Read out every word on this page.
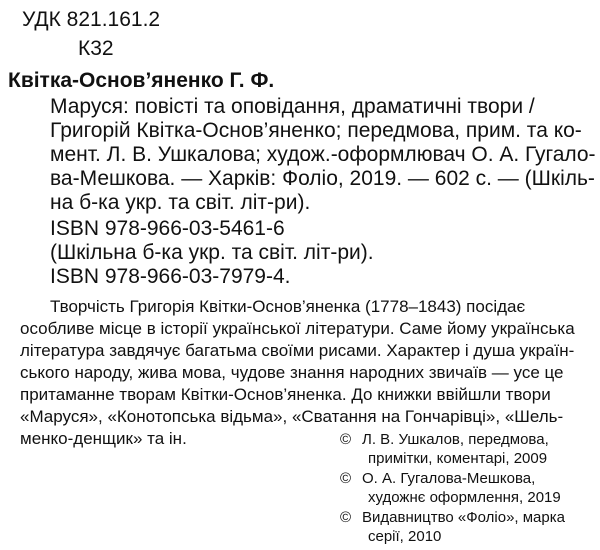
УДК 821.161.2

К32

Квітка-Основ’яненко Г. Ф.

Маруся: повісті та оповідання, драматичні твори /

Григорій Квітка-Основ’яненко; передмова, прим. та ко-

мент. Л. В. Ушкалова; худож.-оформлювач О. А. Гугало-

ва-Мешкова. — Харків: Фоліо, 2019. — 602 с. — (Шкіль-

на б-ка укр. та світ. літ-ри).

ISBN 978-966-03-5461-6

(Шкільна б-ка укр. та світ. літ-ри).

ISBN 978-966-03-7979-4.

Творчість Григорія Квітки-Основ’яненка (1778–1843) посідає

особливе місце в історії української літератури. Саме йому українська

література завдячує багатьма своїми рисами. Характер і душа україн-

ського народу, жива мова, чудове знання народних звичаїв — усе це

притаманне творам Квітки-Основ’яненка. До книжки ввійшли твори

«Маруся», «Конотопська відьма», «Сватання на Гончарівці», «Шель-

менко-денщик» та ін.	© Л. В. Ушкалов, передмова,

примітки, коментарі, 2009

© О. А. Гугалова-Мешкова,

художнє оформлення, 2019

© Видавництво «Фоліо», марка

серії, 2010
